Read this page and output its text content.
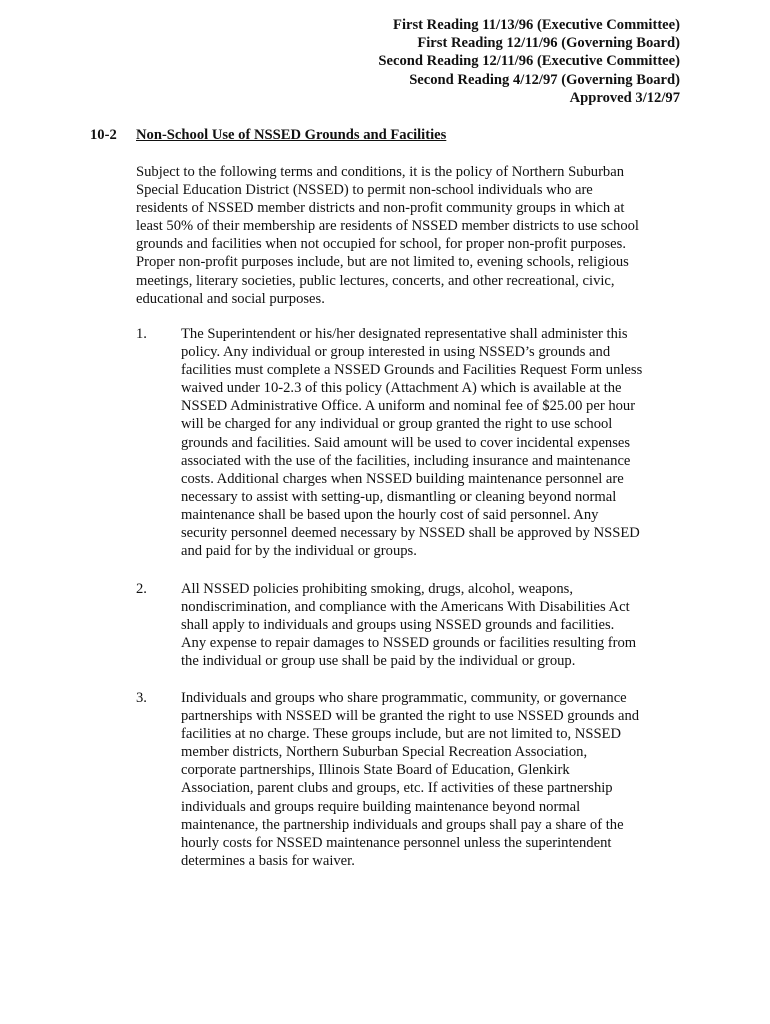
First Reading 11/13/96 (Executive Committee)
First Reading 12/11/96 (Governing Board)
Second Reading 12/11/96 (Executive Committee)
Second Reading 4/12/97 (Governing Board)
Approved 3/12/97
10-2 Non-School Use of NSSED Grounds and Facilities
Subject to the following terms and conditions, it is the policy of Northern Suburban
Special Education District (NSSED) to permit non-school individuals who are
residents of NSSED member districts and non-profit community groups in which at
least 50% of their membership are residents of NSSED member districts to use school
grounds and facilities when not occupied for school, for proper non-profit purposes.
Proper non-profit purposes include, but are not limited to, evening schools, religious
meetings, literary societies, public lectures, concerts, and other recreational, civic,
educational and social purposes.
1. The Superintendent or his/her designated representative shall administer this
policy. Any individual or group interested in using NSSED’s grounds and
facilities must complete a NSSED Grounds and Facilities Request Form unless
waived under 10-2.3 of this policy (Attachment A) which is available at the
NSSED Administrative Office. A uniform and nominal fee of $25.00 per hour
will be charged for any individual or group granted the right to use school
grounds and facilities. Said amount will be used to cover incidental expenses
associated with the use of the facilities, including insurance and maintenance
costs. Additional charges when NSSED building maintenance personnel are
necessary to assist with setting-up, dismantling or cleaning beyond normal
maintenance shall be based upon the hourly cost of said personnel. Any
security personnel deemed necessary by NSSED shall be approved by NSSED
and paid for by the individual or groups.
2. All NSSED policies prohibiting smoking, drugs, alcohol, weapons,
nondiscrimination, and compliance with the Americans With Disabilities Act
shall apply to individuals and groups using NSSED grounds and facilities.
Any expense to repair damages to NSSED grounds or facilities resulting from
the individual or group use shall be paid by the individual or group.
3. Individuals and groups who share programmatic, community, or governance
partnerships with NSSED will be granted the right to use NSSED grounds and
facilities at no charge. These groups include, but are not limited to, NSSED
member districts, Northern Suburban Special Recreation Association,
corporate partnerships, Illinois State Board of Education, Glenkirk
Association, parent clubs and groups, etc. If activities of these partnership
individuals and groups require building maintenance beyond normal
maintenance, the partnership individuals and groups shall pay a share of the
hourly costs for NSSED maintenance personnel unless the superintendent
determines a basis for waiver.
